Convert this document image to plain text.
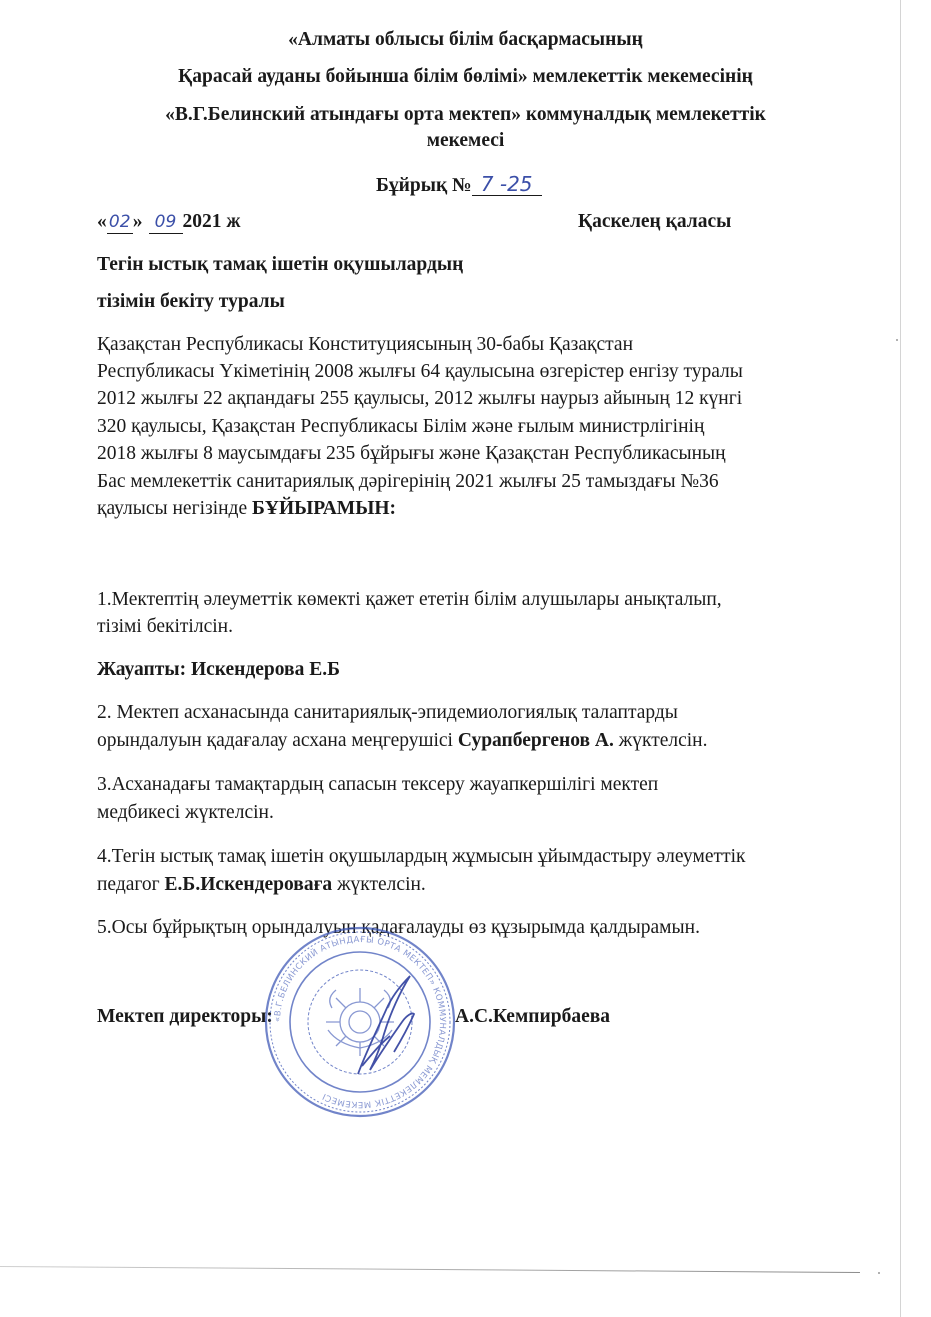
«Алматы облысы білім басқармасының
Қарасай ауданы бойынша білім бөлімі» мемлекеттік мекемесінің
«В.Г.Белинский атындағы орта мектеп» коммуналдық мемлекеттік
мекемесі
Бұйрық № 7 -25
« 02 » 09 2021 ж	Қаскелең қаласы
Тегін ыстық тамақ ішетін оқушылардың
тізімін бекіту туралы
Қазақстан Республикасы Конституциясының 30-бабы Қазақстан
Республикасы Үкіметінің 2008 жылғы 64 қаулысына өзгерістер енгізу туралы
2012 жылғы 22 ақпандағы 255 қаулысы, 2012 жылғы наурыз айының 12 күнгі
320 қаулысы, Қазақстан Республикасы Білім және ғылым министрлігінің
2018 жылғы 8 маусымдағы 235 бұйрығы және Қазақстан Республикасының
Бас мемлекеттік санитариялық дәрігерінің 2021 жылғы 25 тамыздағы №36
қаулысы негізінде БҰЙЫРАМЫН:
1.Мектептің әлеуметтік көмекті қажет ететін білім алушылары анықталып,
тізімі бекітілсін.
Жауапты: Искендерова Е.Б
2. Мектеп асханасында санитариялық-эпидемиологиялық талаптарды
орындалуын қадағалау асхана меңгерушісі Сурапбергенов А. жүктелсін.
3.Асханадағы тамақтардың сапасын тексеру жауапкершілігі мектеп
медбикесі жүктелсін.
4.Тегін ыстық тамақ ішетін оқушылардың жұмысын ұйымдастыру әлеуметтік
педагог Е.Б.Искендероваға жүктелсін.
5.Осы бұйрықтың орындалуын қадағалауды өз құзырымда қалдырамын.
Мектеп директоры:	А.С.Кемпирбаева
«В.Г.БЕЛИНСКИЙ АТЫНДАҒЫ ОРТА МЕКТЕП» КОММУНАЛДЫҚ МЕМЛЕКЕТТІК МЕКЕМЕСІ
